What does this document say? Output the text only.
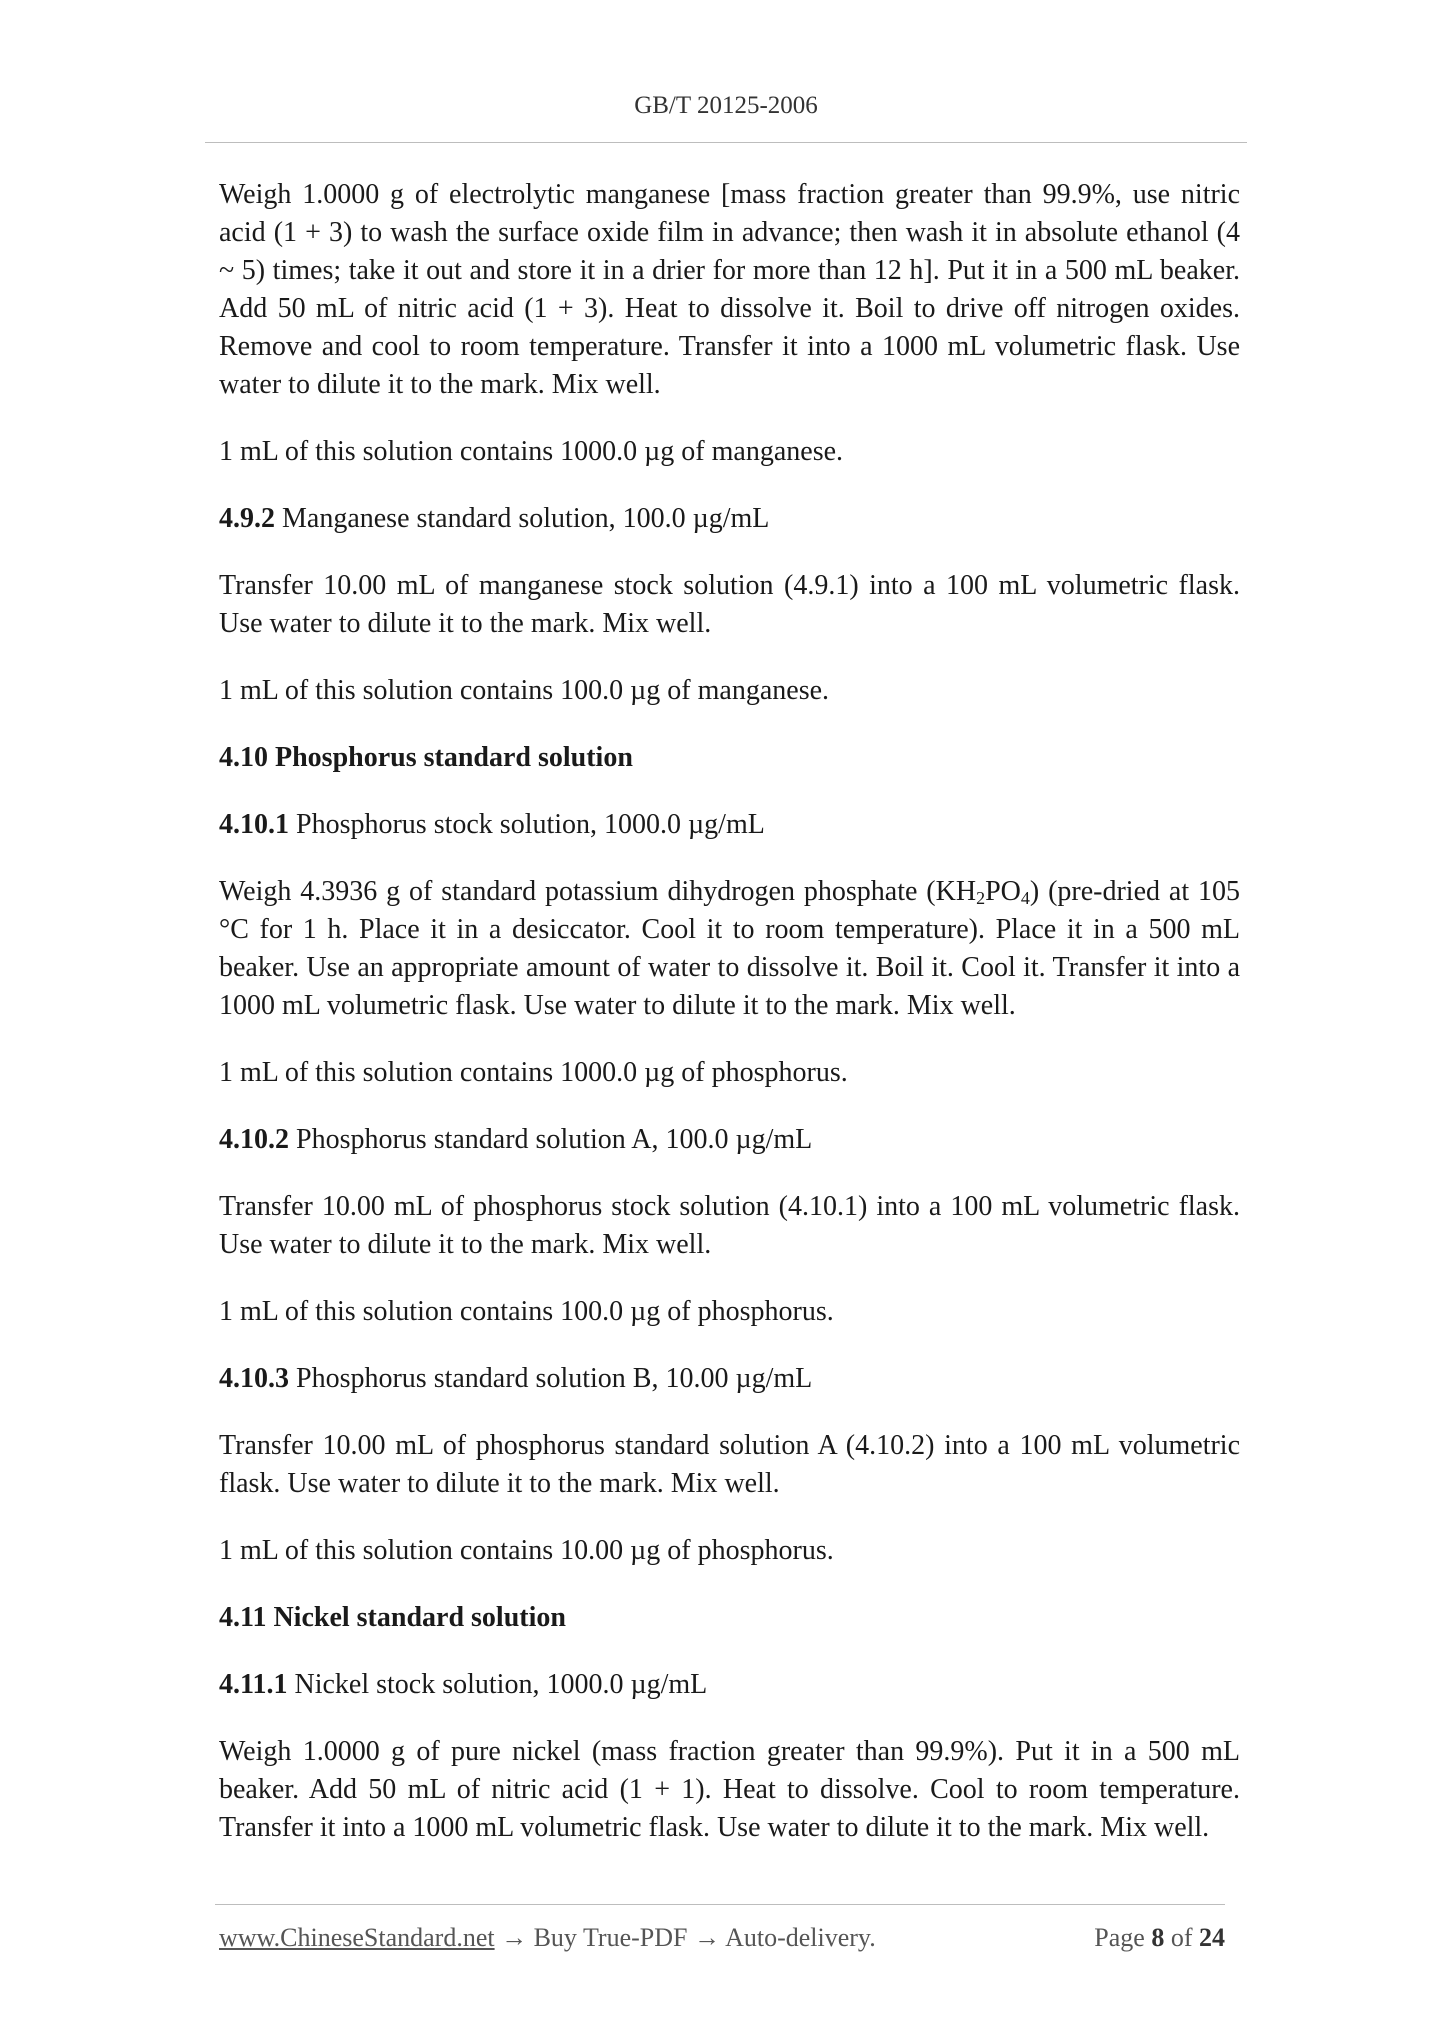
GB/T 20125-2006

Weigh 1.0000 g of electrolytic manganese [mass fraction greater than 99.9%, use nitric acid (1 + 3) to wash the surface oxide film in advance; then wash it in absolute ethanol (4 ~ 5) times; take it out and store it in a drier for more than 12 h]. Put it in a 500 mL beaker. Add 50 mL of nitric acid (1 + 3). Heat to dissolve it. Boil to drive off nitrogen oxides. Remove and cool to room temperature. Transfer it into a 1000 mL volumetric flask. Use water to dilute it to the mark. Mix well.

1 mL of this solution contains 1000.0 µg of manganese.

4.9.2 Manganese standard solution, 100.0 µg/mL

Transfer 10.00 mL of manganese stock solution (4.9.1) into a 100 mL volumetric flask. Use water to dilute it to the mark. Mix well.

1 mL of this solution contains 100.0 µg of manganese.

4.10 Phosphorus standard solution

4.10.1 Phosphorus stock solution, 1000.0 µg/mL

Weigh 4.3936 g of standard potassium dihydrogen phosphate $(KH_2PO_4)$ (pre-dried at 105 °C for 1 h. Place it in a desiccator. Cool it to room temperature). Place it in a 500 mL beaker. Use an appropriate amount of water to dissolve it. Boil it. Cool it. Transfer it into a 1000 mL volumetric flask. Use water to dilute it to the mark. Mix well.

1 mL of this solution contains 1000.0 µg of phosphorus.

4.10.2 Phosphorus standard solution A, 100.0 µg/mL

Transfer 10.00 mL of phosphorus stock solution (4.10.1) into a 100 mL volumetric flask. Use water to dilute it to the mark. Mix well.

1 mL of this solution contains 100.0 µg of phosphorus.

4.10.3 Phosphorus standard solution B, 10.00 µg/mL

Transfer 10.00 mL of phosphorus standard solution A (4.10.2) into a 100 mL volumetric flask. Use water to dilute it to the mark. Mix well.

1 mL of this solution contains 10.00 µg of phosphorus.

4.11 Nickel standard solution

4.11.1 Nickel stock solution, 1000.0 µg/mL

Weigh 1.0000 g of pure nickel (mass fraction greater than 99.9%). Put it in a 500 mL beaker. Add 50 mL of nitric acid (1 + 1). Heat to dissolve. Cool to room temperature. Transfer it into a 1000 mL volumetric flask. Use water to dilute it to the mark. Mix well.

www.ChineseStandard.net → Buy True-PDF → Auto-delivery.	Page 8 of 24
